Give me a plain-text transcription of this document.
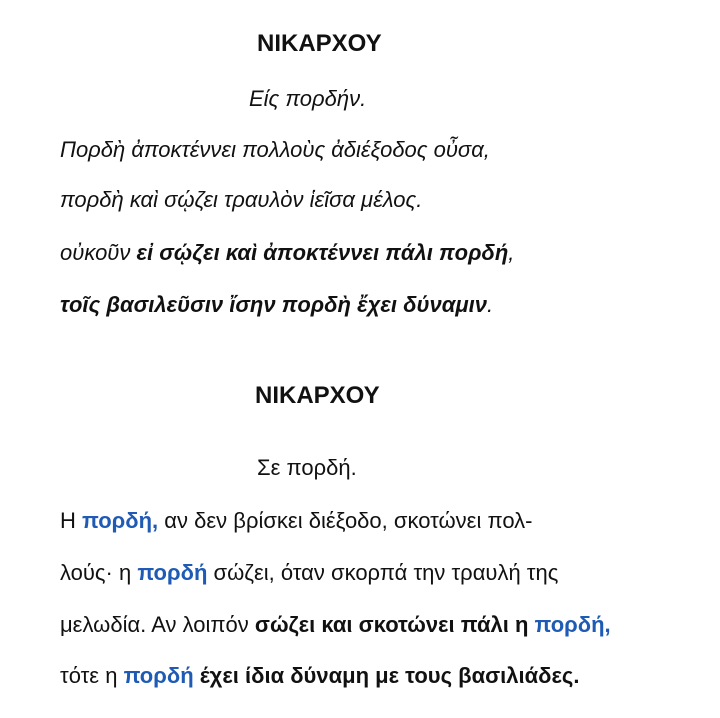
ΝΙΚΑΡΧΟΥ
Είς πορδήν.
Πορδὴ ἀποκτέννει πολλοὺς ἀδιέξοδος οὖσα,
πορδὴ καὶ σῴζει τραυλὸν ἱεῖσα μέλος.
οὐκοῦν εἰ σῴζει καὶ ἀποκτέννει πάλι πορδή,
τοῖς βασιλεῦσιν ἴσην πορδὴ ἔχει δύναμιν.
ΝΙΚΑΡΧΟΥ
Σε πορδή.
Η πορδή, αν δεν βρίσκει διέξοδο, σκοτώνει πολ-
λούς· η πορδή σώζει, όταν σκορπά την τραυλή της
μελωδία. Αν λοιπόν σώζει και σκοτώνει πάλι η πορδή,
τότε η πορδή έχει ίδια δύναμη με τους βασιλιάδες.
